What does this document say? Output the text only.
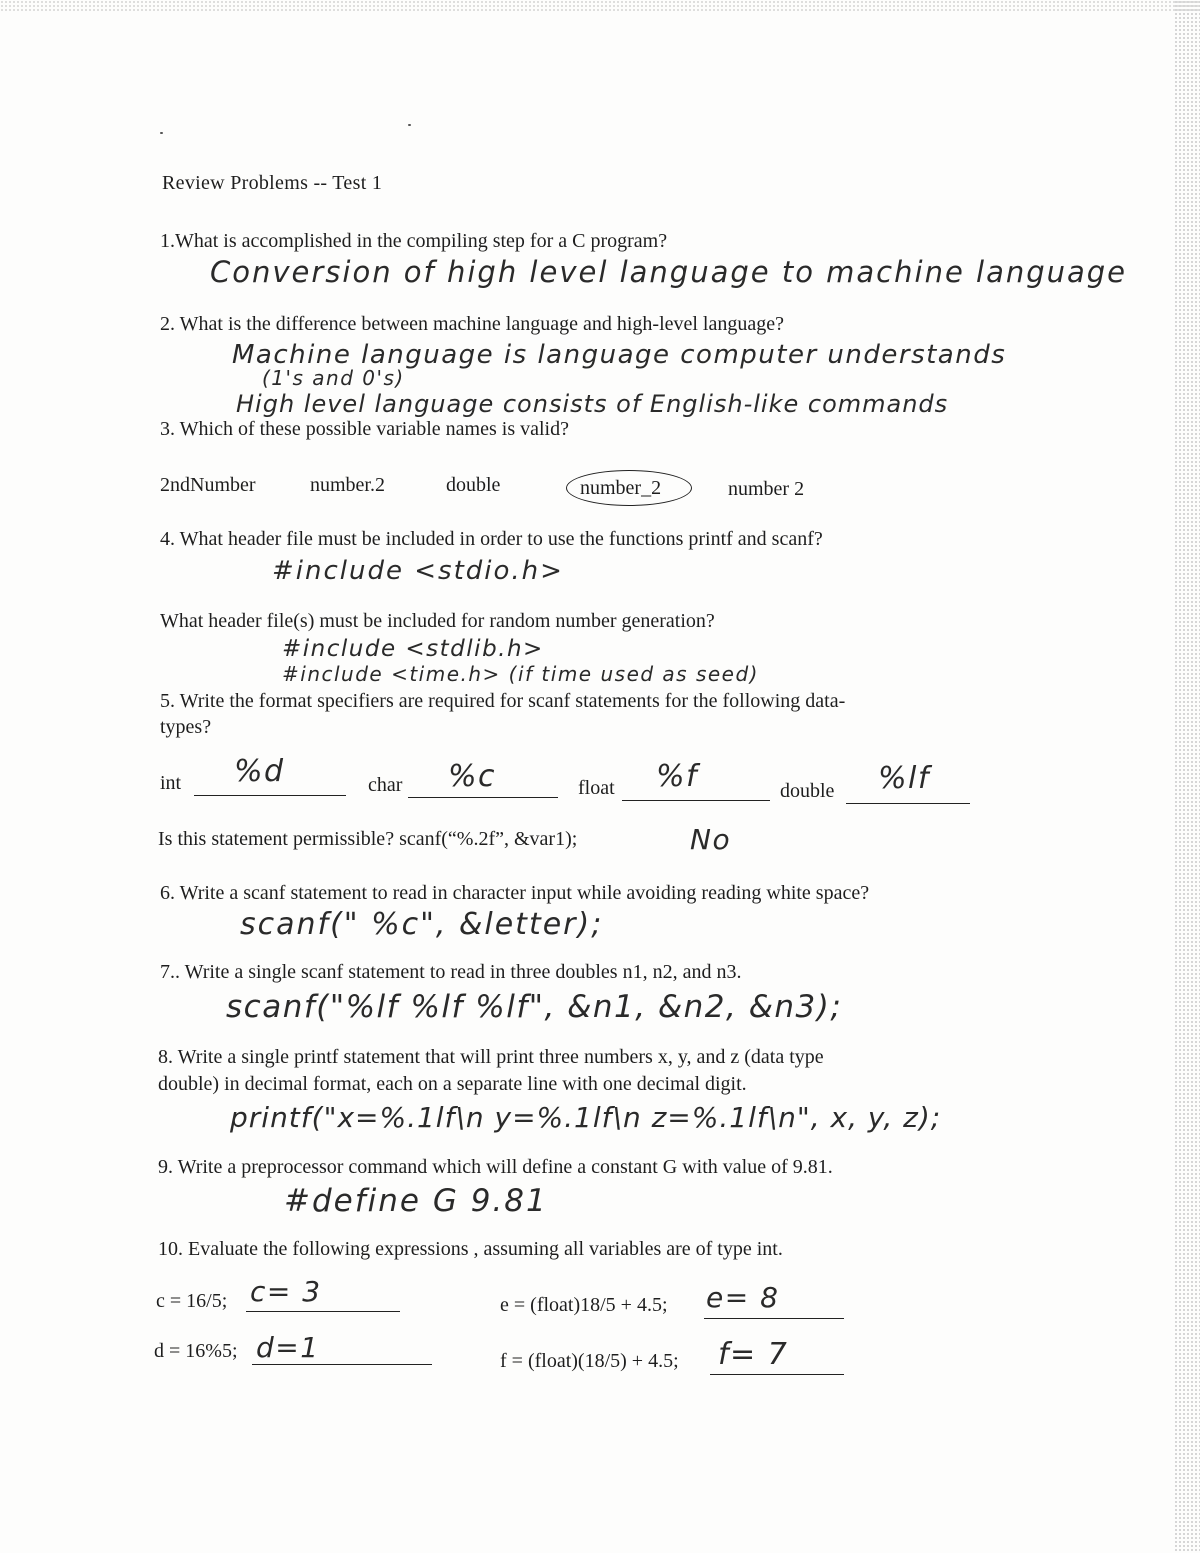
Review Problems -- Test 1
1.What is accomplished in the compiling step for a C program?
Conversion of high level language to machine language
2. What is the difference between machine language and high-level language?
Machine language is language computer understands
(1's and 0's)
High level language consists of English-like commands
3. Which of these possible variable names is valid?
2ndNumber	number.2	double	number_2	number 2
4. What header file must be included in order to use the functions printf and scanf?
#include <stdio.h>
What header file(s) must be included for random number generation?
#include <stdlib.h>
#include <time.h> (if time used as seed)
5. Write the format specifiers are required for scanf statements for the following data-
types?
int %d	char %c	float %f	double %lf
Is this statement permissible? scanf(“%.2f”, &var1);	No
6. Write a scanf statement to read in character input while avoiding reading white space?
scanf(" %c", &letter);
7.. Write a single scanf statement to read in three doubles n1, n2, and n3.
scanf("%lf %lf %lf", &n1, &n2, &n3);
8. Write a single printf statement that will print three numbers x, y, and z (data type
double) in decimal format, each on a separate line with one decimal digit.
printf("x=%.1lf\n y=%.1lf\n z=%.1lf\n", x, y, z);
9. Write a preprocessor command which will define a constant G with value of 9.81.
#define G 9.81
10. Evaluate the following expressions , assuming all variables are of type int.
c = 16/5; c= 3	e = (float)18/5 + 4.5; e= 8
d = 16%5; d=1	f = (float)(18/5) + 4.5; f= 7
